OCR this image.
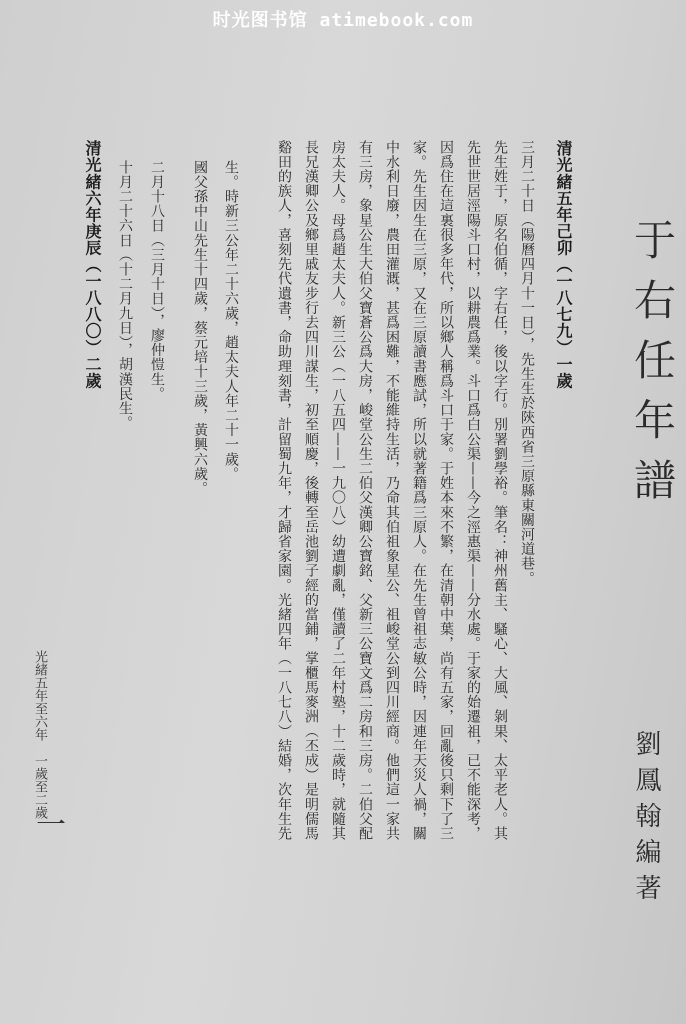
时光图书馆 atimebook.com
于右任年譜
劉鳳翰編著
清光緒五年己卯（一八七九）一歲
三月二十日（陽曆四月十一日），先生生於陝西省三原縣東關河道巷。
先生姓于，原名伯循，字右任，後以字行。別署劉學裕。筆名：神州舊主、騷心、大風、剝果、太平老人。其
先世世居涇陽斗口村，以耕農爲業。斗口爲白公渠——今之涇惠渠——分水處。于家的始遷祖，已不能深考，
因爲住在這裏很多年代，所以鄉人稱爲斗口于家。于姓本來不繁，在清朝中葉，尚有五家，回亂後只剩下了三
家。先生因生在三原，又在三原讀書應試，所以就著籍爲三原人。在先生曾祖志敏公時，因連年天災人禍，關
中水利日廢，農田灌溉，甚爲困難，不能維持生活，乃命其伯祖象星公、祖峻堂公到四川經商。他們這一家共
有三房，象星公生大伯父寶蒼公爲大房，峻堂公生二伯父漢卿公寶銘、父新三公寶文爲二房和三房。二伯父配
房太夫人。母爲趙太夫人。新三公（一八五四——一九〇八）幼遭劇亂，僅讀了二年村塾，十二歲時，就隨其
長兄漢卿公及鄉里戚友步行去四川謀生，初至順慶，後轉至岳池劉子經的當鋪，掌櫃馬麥洲（丕成）是明儒馬
谿田的族人，喜刻先代遺書，命助理刻書，計留蜀九年，才歸省家園。光緒四年（一八七八）結婚，次年生先
生。時新三公年二十六歲，趙太夫人年二十一歲。
國父孫中山先生十四歲，蔡元培十三歲，黃興六歲。
二月十八日（三月十日），廖仲愷生。
十月二十六日（十二月九日），胡漢民生。
清光緒六年庚辰（一八八〇）二歲
光緒五年至六年　一歲至二歲
一
